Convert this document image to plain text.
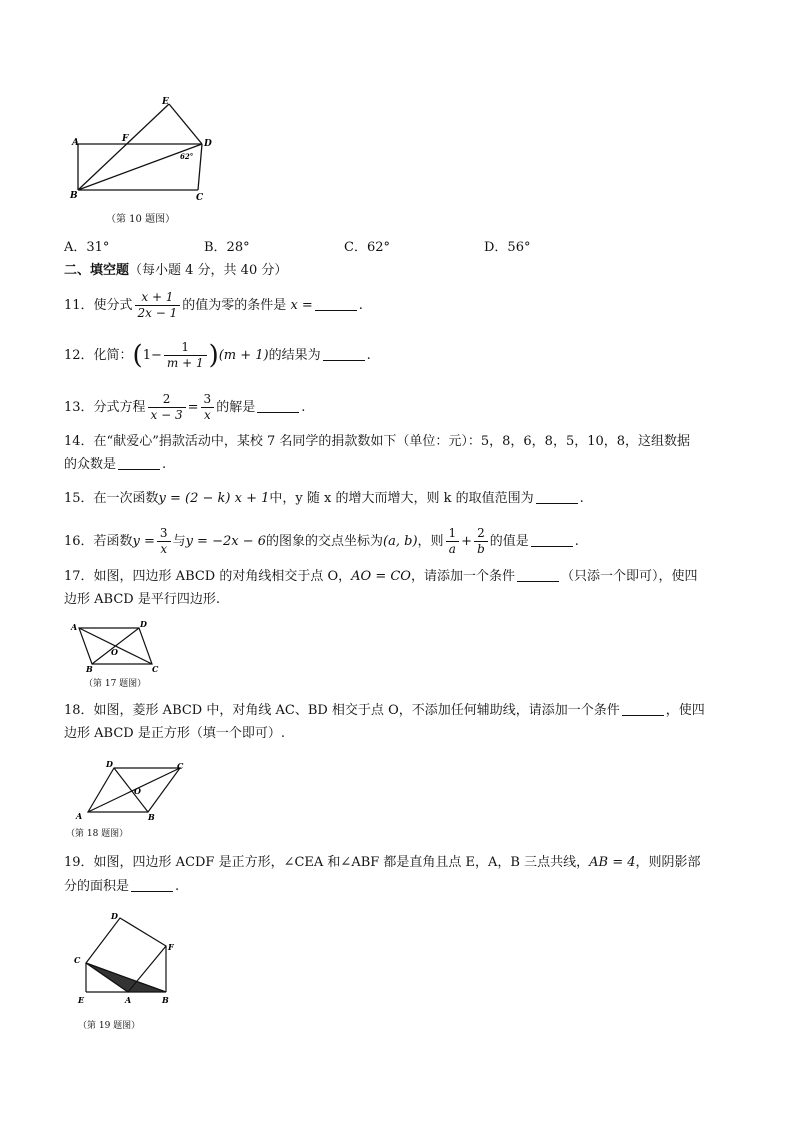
A
B	C
D
E
F
62°
（第 10 题图）
A．31°	B．28°	C．62°	D．56°
二、填空题（每小题 4 分，共 40 分）
11．使分式 $\frac{x + 1}{2x - 1}$ 的值为零的条件是 x =	.
12．化简：$(1- \frac{1}{m + 1} )(m + 1)$的结果为	.
13．分式方程 $\frac{2}{x - 3} = \frac{3}{x}$ 的解是	.
14．在“献爱心”捐款活动中，某校 7 名同学的捐款数如下（单位：元）：5，8，6，8，5，10，8，这组数据
的众数是	.
15．在一次函数y = (2 − k) x + 1中，y 随 x 的增大而增大，则 k 的取值范围为	.
16．若函数$y = \frac{3}{x}$ 与y = −2x − 6的图象的交点坐标为(a, b)，则 $\frac{1}{a} + \frac{2}{b}$ 的值是	.
17．如图，四边形 ABCD 的对角线相交于点 O，AO = CO，请添加一个条件	（只添一个即可），使四
边形 ABCD 是平行四边形.
A	D
B	C
O
（第 17 题图）
18．如图，菱形 ABCD 中，对角线 AC、BD 相交于点 O，不添加任何辅助线，请添加一个条件	，使四
边形 ABCD 是正方形（填一个即可）.
A	B
C
D
O
（第 18 题图）
19．如图，四边形 ACDF 是正方形，∠CEA 和∠ABF 都是直角且点 E，A，B 三点共线，AB = 4，则阴影部
分的面积是	.
C
D
F
E	A	B
（第 19 题图）
